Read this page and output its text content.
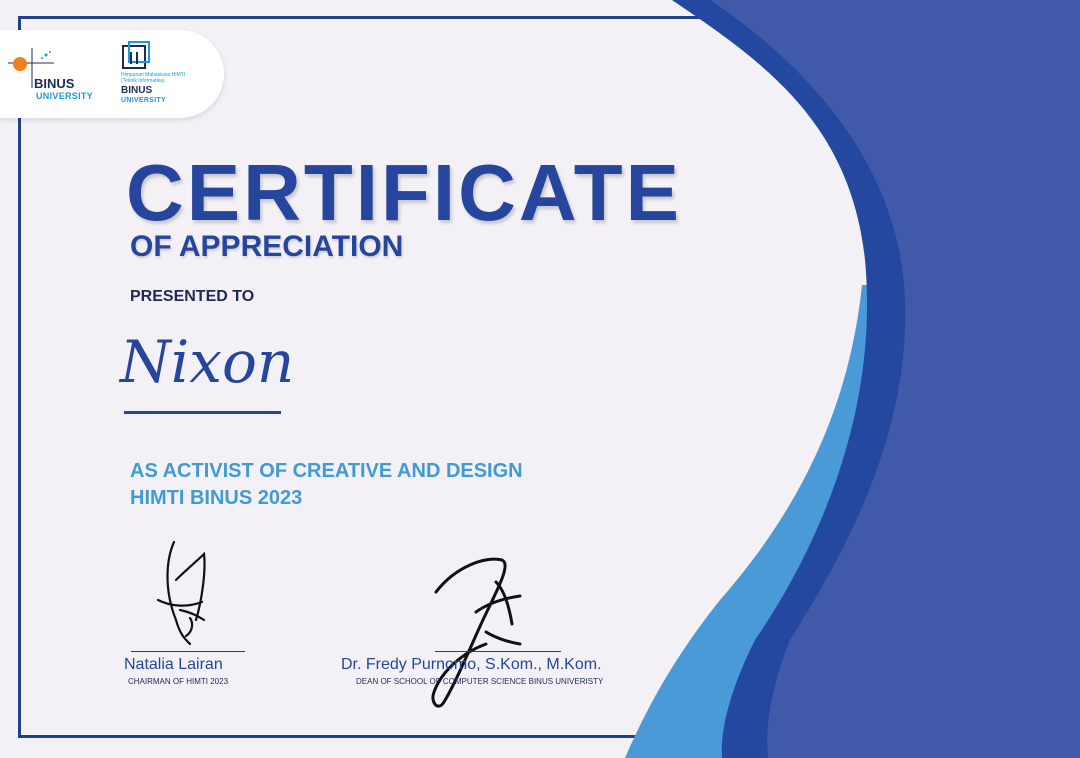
BINUS
UNIVERSITY
Himpunan Mahasiswa HIMTI (Teknik Informatika)
BINUS
UNIVERSITY
CERTIFICATE
OF APPRECIATION
PRESENTED TO
Nixon
AS ACTIVIST OF CREATIVE AND DESIGN
HIMTI BINUS 2023
Natalia Lairan
CHAIRMAN OF HIMTI 2023
Dr. Fredy Purnomo, S.Kom., M.Kom.
DEAN OF SCHOOL OF COMPUTER SCIENCE BINUS UNIVERISTY
